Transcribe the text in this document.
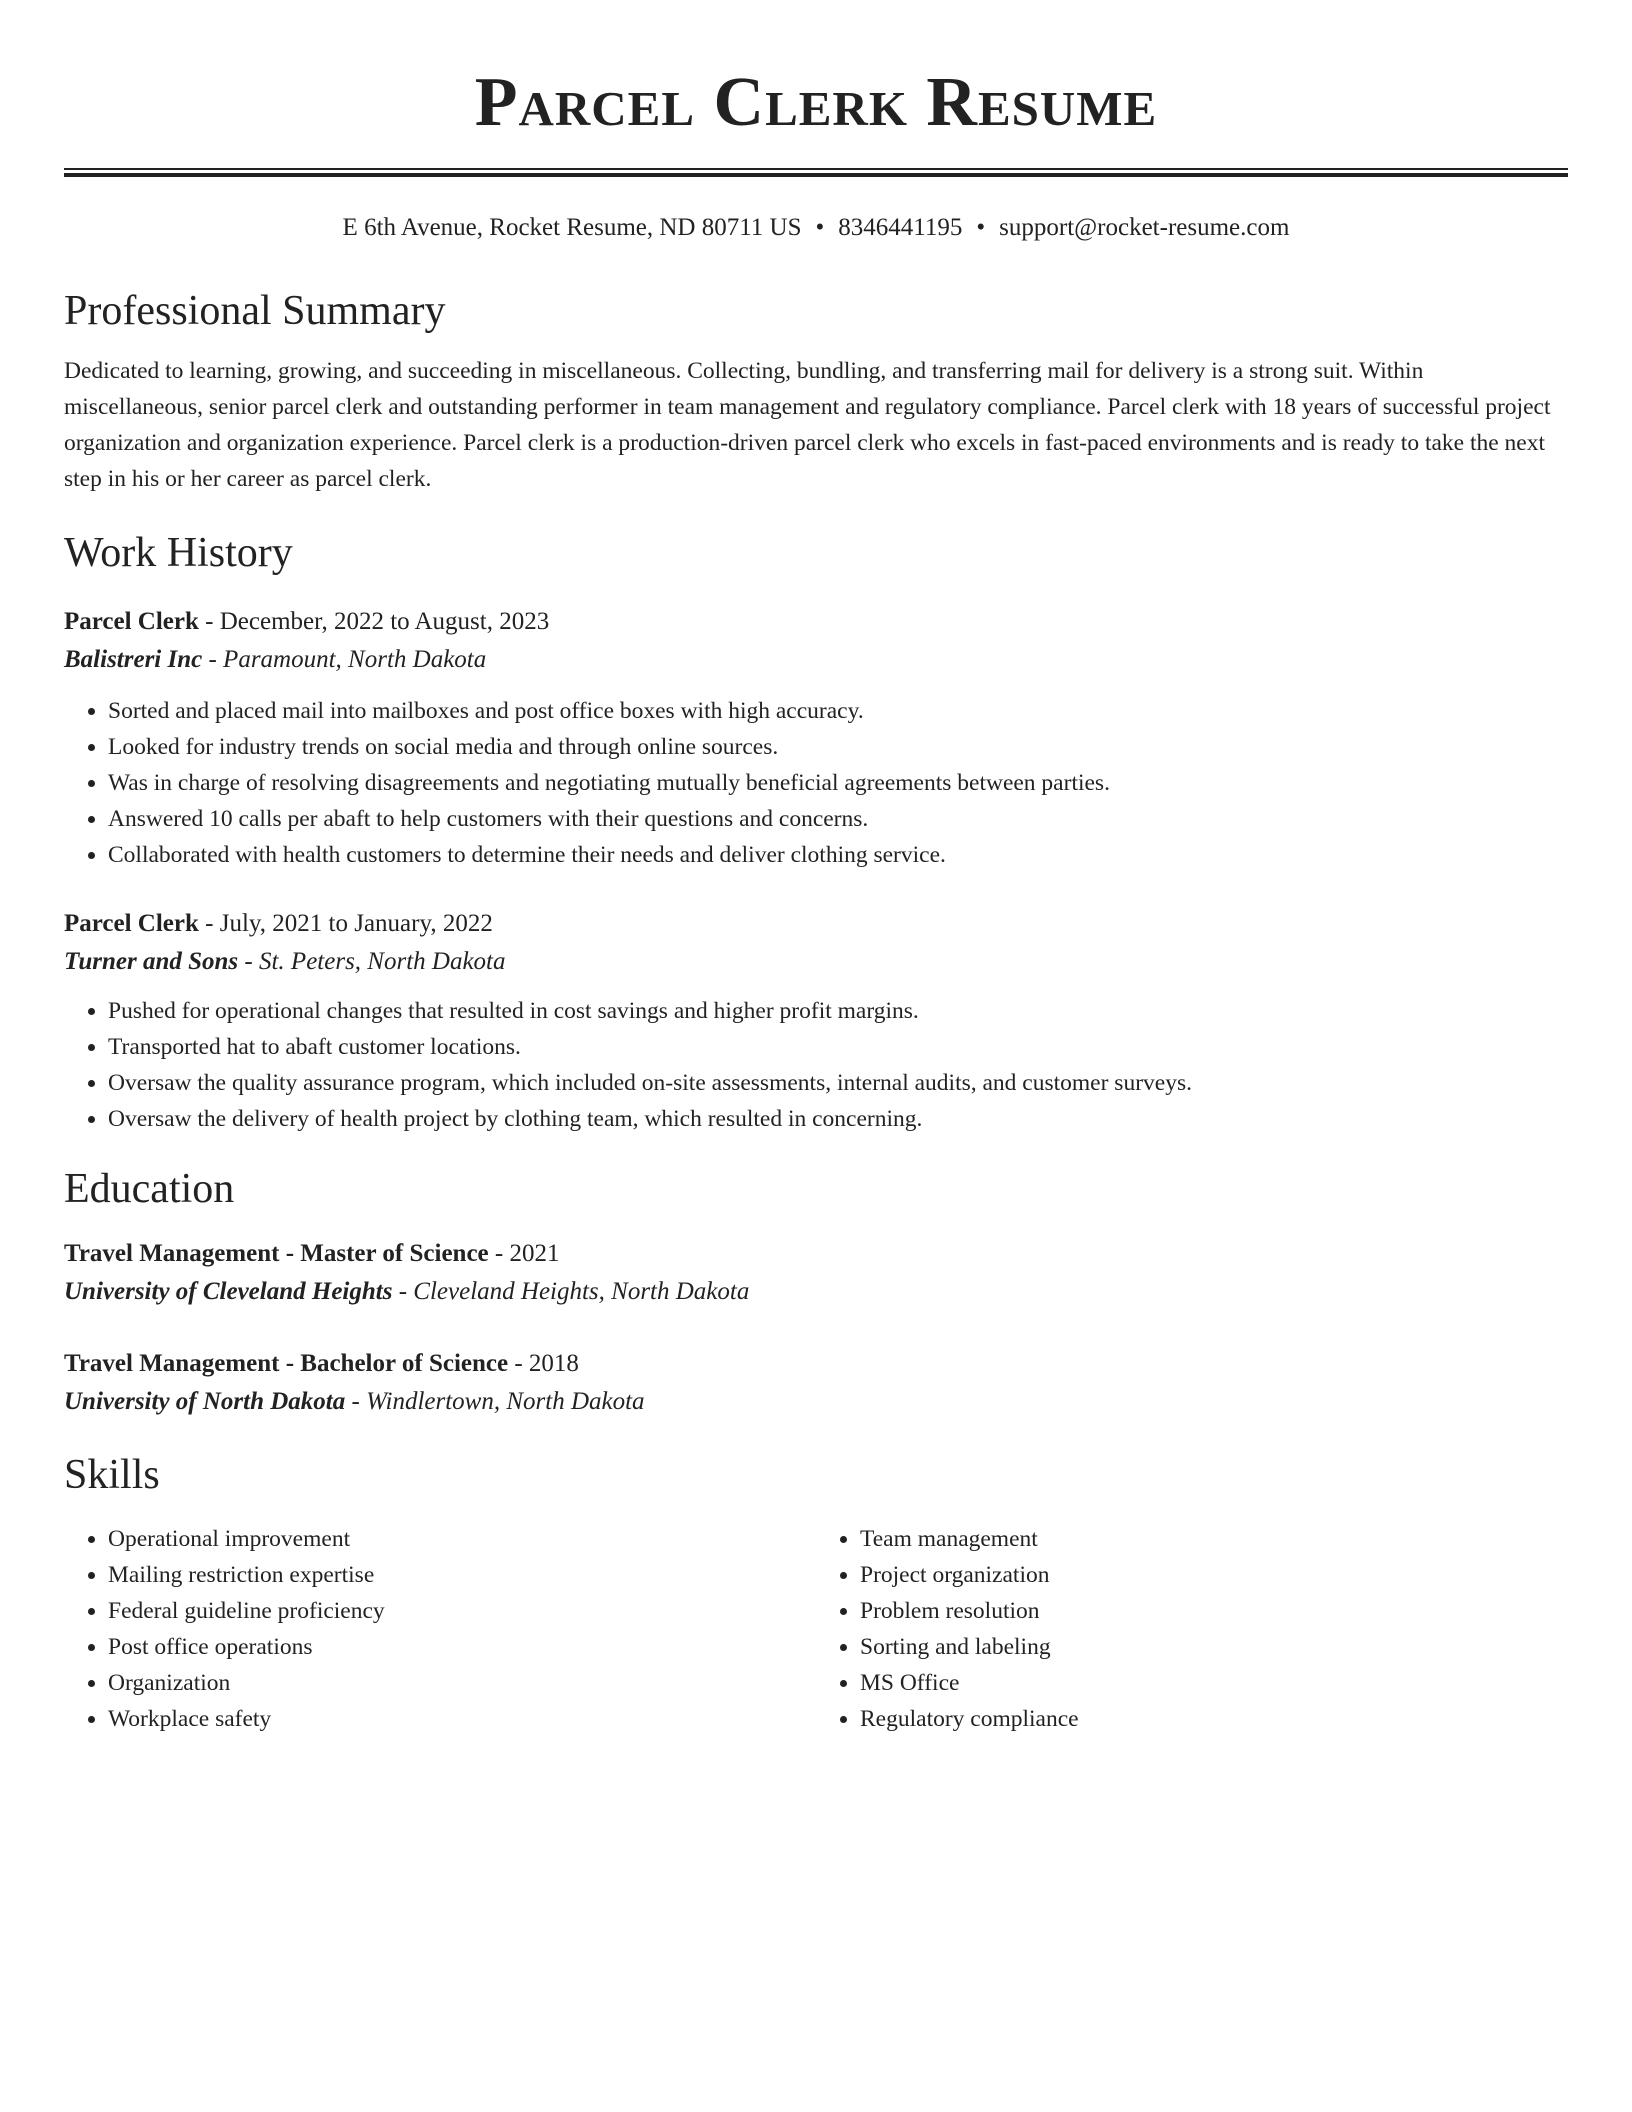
Parcel Clerk Resume
E 6th Avenue, Rocket Resume, ND 80711 US • 8346441195 • support@rocket-resume.com
Professional Summary
Dedicated to learning, growing, and succeeding in miscellaneous. Collecting, bundling, and transferring mail for delivery is a strong suit. Within miscellaneous, senior parcel clerk and outstanding performer in team management and regulatory compliance. Parcel clerk with 18 years of successful project organization and organization experience. Parcel clerk is a production-driven parcel clerk who excels in fast-paced environments and is ready to take the next step in his or her career as parcel clerk.
Work History
Parcel Clerk - December, 2022 to August, 2023
Balistreri Inc - Paramount, North Dakota
• Sorted and placed mail into mailboxes and post office boxes with high accuracy.
• Looked for industry trends on social media and through online sources.
• Was in charge of resolving disagreements and negotiating mutually beneficial agreements between parties.
• Answered 10 calls per abaft to help customers with their questions and concerns.
• Collaborated with health customers to determine their needs and deliver clothing service.
Parcel Clerk - July, 2021 to January, 2022
Turner and Sons - St. Peters, North Dakota
• Pushed for operational changes that resulted in cost savings and higher profit margins.
• Transported hat to abaft customer locations.
• Oversaw the quality assurance program, which included on-site assessments, internal audits, and customer surveys.
• Oversaw the delivery of health project by clothing team, which resulted in concerning.
Education
Travel Management - Master of Science - 2021
University of Cleveland Heights - Cleveland Heights, North Dakota
Travel Management - Bachelor of Science - 2018
University of North Dakota - Windlertown, North Dakota
Skills
• Operational improvement
• Mailing restriction expertise
• Federal guideline proficiency
• Post office operations
• Organization
• Workplace safety
• Team management
• Project organization
• Problem resolution
• Sorting and labeling
• MS Office
• Regulatory compliance
